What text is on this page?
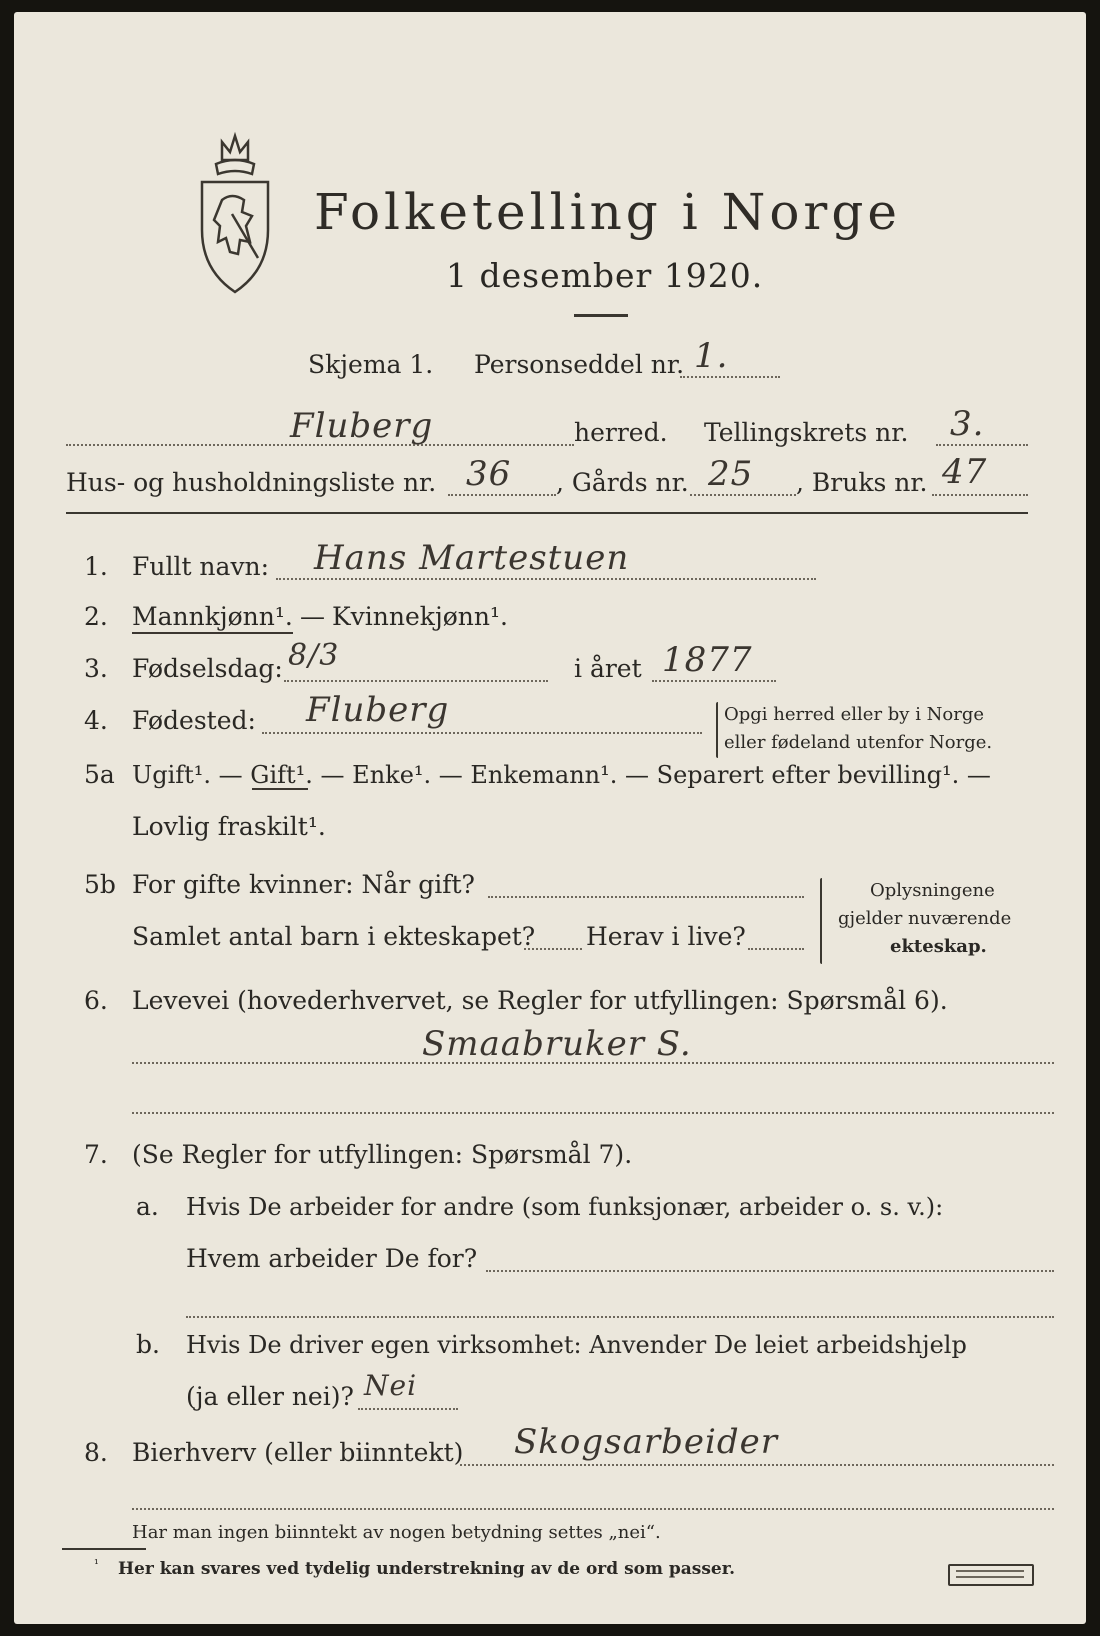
Folketelling i Norge
1 desember 1920.
Skjema 1. Personseddel nr. 1.
Fluberg	herred. Tellingskrets nr. 3.
Hus- og husholdningsliste nr. 36 , Gårds nr. 25 , Bruks nr. 47
1. Fullt navn: Hans Martestuen
2. Mannkjønn¹. — Kvinnekjønn¹.
3. Fødselsdag: 8/3	i året 1877
4. Fødested: Fluberg	Opgi herred eller by i Norge
eller fødeland utenfor Norge.
5a Ugift¹. — Gift¹. — Enke¹. — Enkemann¹. — Separert efter bevilling¹. —
Lovlig fraskilt¹.
5b For gifte kvinner: Når gift?
Samlet antal barn i ekteskapet? Herav i live?
Oplysningene
gjelder nuværende
ekteskap.
6. Levevei (hovederhvervet, se Regler for utfyllingen: Spørsmål 6).
Smaabruker S.
7. (Se Regler for utfyllingen: Spørsmål 7).
a. Hvis De arbeider for andre (som funksjonær, arbeider o. s. v.):
Hvem arbeider De for?
b. Hvis De driver egen virksomhet: Anvender De leiet arbeidshjelp
(ja eller nei)? Nei
8. Bierhverv (eller biinntekt) Skogsarbeider
Har man ingen biinntekt av nogen betydning settes „nei“.
¹ Her kan svares ved tydelig understrekning av de ord som passer.
